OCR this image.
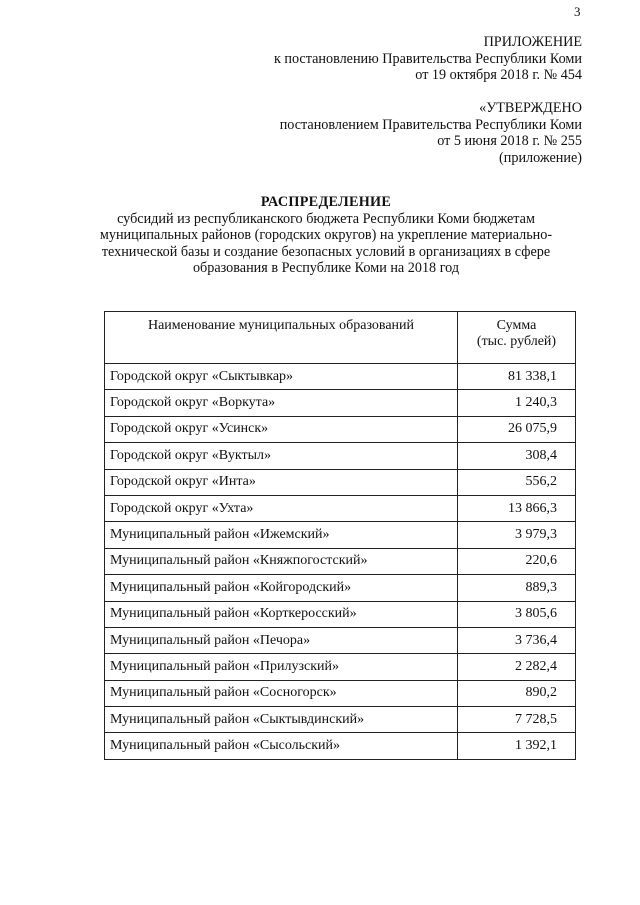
3
ПРИЛОЖЕНИЕ
к постановлению Правительства Республики Коми
от 19 октября 2018 г. № 454
«УТВЕРЖДЕНО
постановлением Правительства Республики Коми
от 5 июня 2018 г. № 255
(приложение)
РАСПРЕДЕЛЕНИЕ
субсидий из республиканского бюджета Республики Коми бюджетам
муниципальных районов (городских округов) на укрепление материально-
технической базы и создание безопасных условий в организациях в сфере
образования в Республике Коми на 2018 год
Наименование муниципальных образований	Сумма
(тыс. рублей)

Городской округ «Сыктывкар»	81 338,1
Городской округ «Воркута»	1 240,3
Городской округ «Усинск»	26 075,9
Городской округ «Вуктыл»	308,4
Городской округ «Инта»	556,2
Городской округ «Ухта»	13 866,3
Муниципальный район «Ижемский»	3 979,3
Муниципальный район «Княжпогостский»	220,6
Муниципальный район «Койгородский»	889,3
Муниципальный район «Корткеросский»	3 805,6
Муниципальный район «Печора»	3 736,4
Муниципальный район «Прилузский»	2 282,4
Муниципальный район «Сосногорск»	890,2
Муниципальный район «Сыктывдинский»	7 728,5
Муниципальный район «Сысольский»	1 392,1
